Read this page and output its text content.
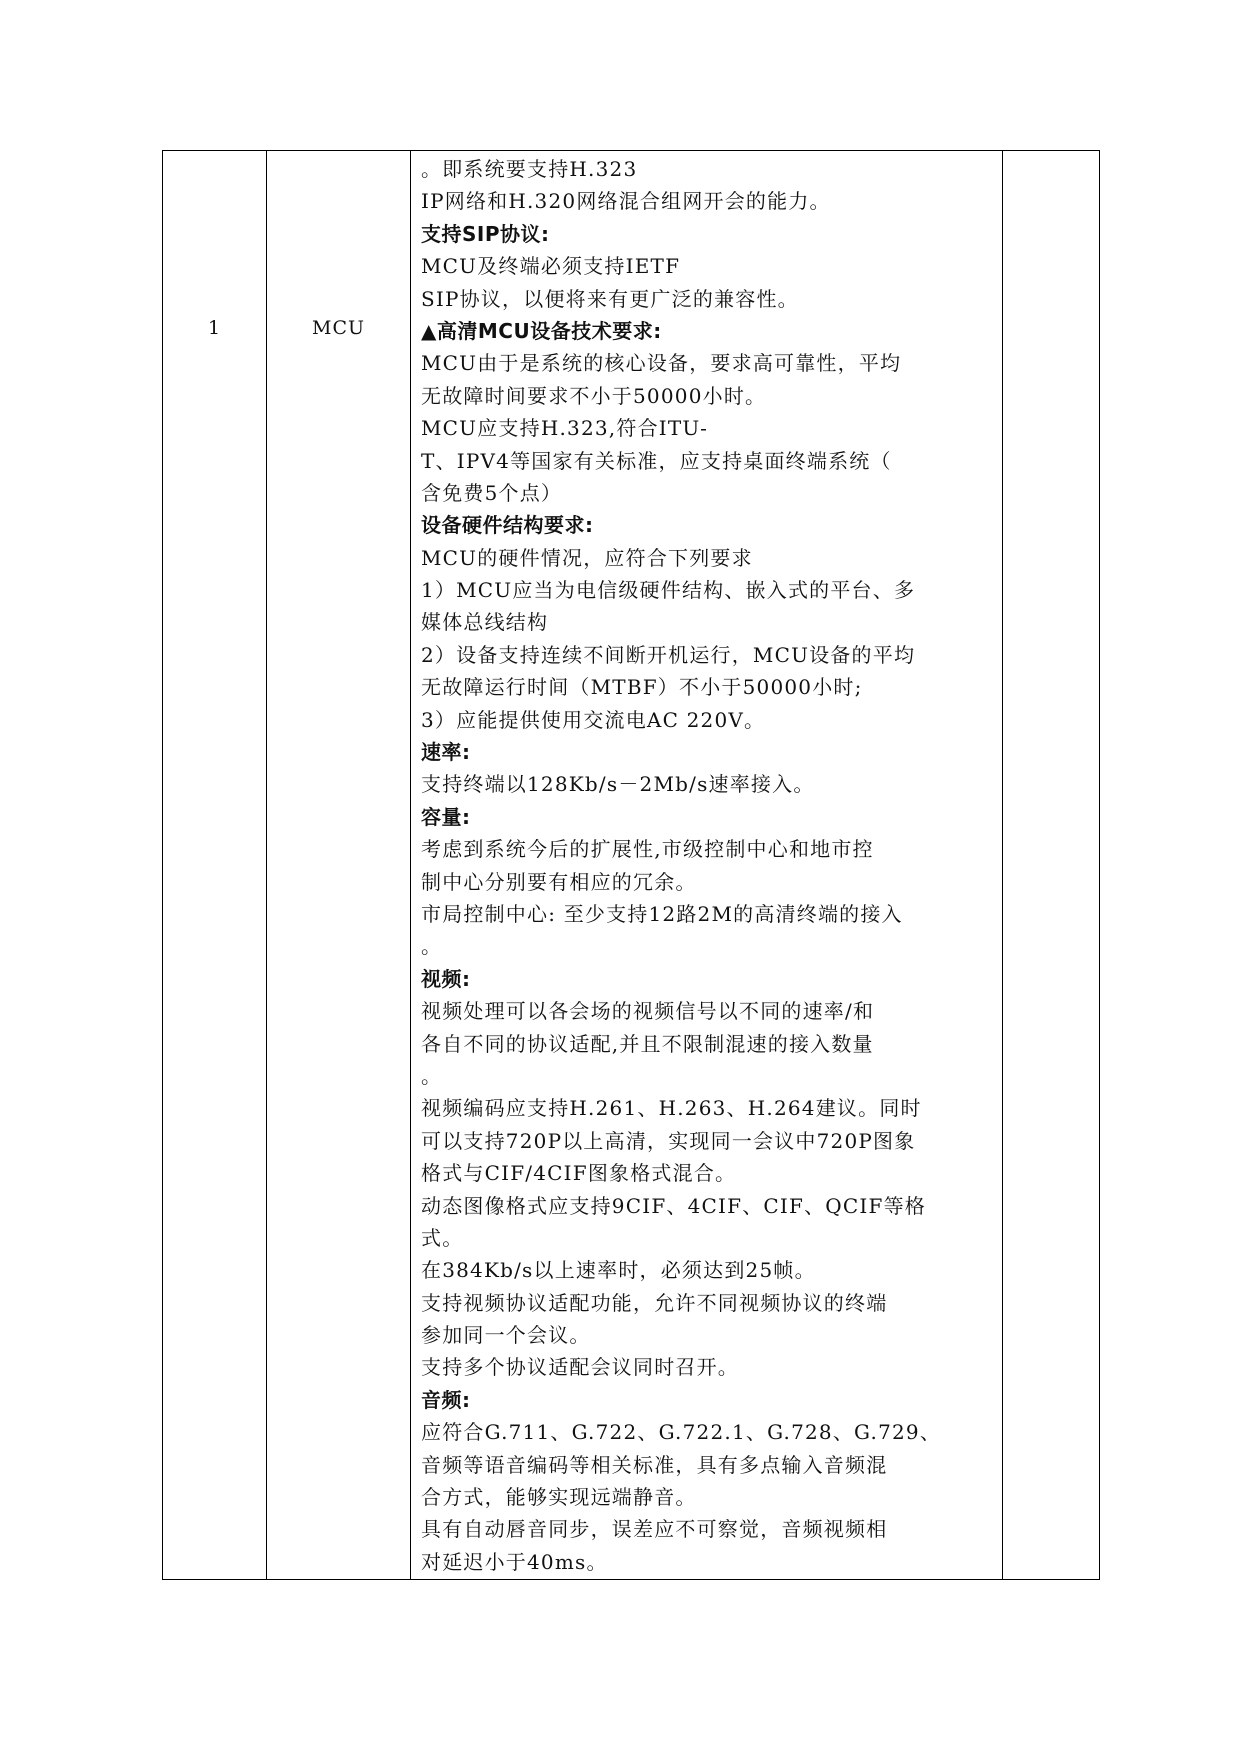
1	MCU

。即系统要支持H.323
IP网络和H.320网络混合组网开会的能力。
支持SIP协议:
MCU及终端必须支持IETF
SIP协议，以便将来有更广泛的兼容性。
▲高清MCU设备技术要求:
MCU由于是系统的核心设备，要求高可靠性，平均
无故障时间要求不小于50000小时。
MCU应支持H.323,符合ITU-
T、IPV4等国家有关标准，应支持桌面终端系统（
含免费5个点）
设备硬件结构要求:
MCU的硬件情况，应符合下列要求
1）MCU应当为电信级硬件结构、嵌入式的平台、多
媒体总线结构
2）设备支持连续不间断开机运行，MCU设备的平均
无故障运行时间（MTBF）不小于50000小时;
3）应能提供使用交流电AC 220V。
速率:
支持终端以128Kb/s－2Mb/s速率接入。
容量:
考虑到系统今后的扩展性,市级控制中心和地市控
制中心分别要有相应的冗余。
市局控制中心: 至少支持12路2M的高清终端的接入
。
视频:
视频处理可以各会场的视频信号以不同的速率/和
各自不同的协议适配,并且不限制混速的接入数量
。
视频编码应支持H.261、H.263、H.264建议。同时
可以支持720P以上高清，实现同一会议中720P图象
格式与CIF/4CIF图象格式混合。
动态图像格式应支持9CIF、4CIF、CIF、QCIF等格
式。
在384Kb/s以上速率时，必须达到25帧。
支持视频协议适配功能，允许不同视频协议的终端
参加同一个会议。
支持多个协议适配会议同时召开。
音频:
应符合G.711、G.722、G.722.1、G.728、G.729、
音频等语音编码等相关标准，具有多点输入音频混
合方式，能够实现远端静音。
具有自动唇音同步，误差应不可察觉，音频视频相
对延迟小于40ms。
